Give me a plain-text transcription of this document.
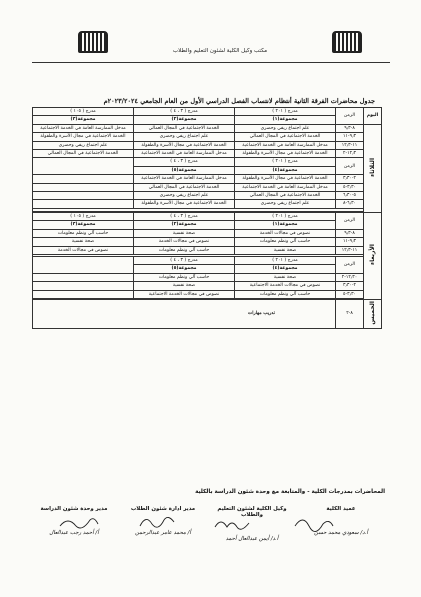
مكتب وكيل الكلية لشئون التعليم والطلاب
جدول محاضرات الفرقة الثانية أنتظام لانتساب الفصل الدراسي الأول من العام الجامعي ٢٠٢٣/٢٠٢٤م
اليوم	الزمن	مدرج ( ٢٠١ )	مدرج ( ٣ ، ٤ )	مدرج ( ١٠٥ )
		مجموعة(١)	مجموعة(٢)	مجموعة(٣)
الثلاثاء	٨-٩٫٣	علم اجتماع ريفي وحضري	الخدمة الاجتماعية في المجال العمالي	مدخل الممارسة العامة في الخدمة الاجتماعية
	٩٫٣-١١	الخدمة الاجتماعية في المجال العمالي	علم اجتماع ريفي وحضري	الخدمة الاجتماعية في مجال الأسرة والطفولة
	١١-١٢٫٣	مدخل الممارسة العامة في الخدمة الاجتماعية	الخدمة الاجتماعية في مجال الأسرة والطفولة	علم اجتماع ريفي وحضري
	١٢٫٣-٢	الخدمة الاجتماعية في مجال الأسرة والطفولة	مدخل الممارسة العامة في الخدمة الاجتماعية	الخدمة الاجتماعية في المجال العمالي
	الزمن	مدرج ( ٢٠١ )	مدرج ( ٣ ، ٤ )	
		مجموعة(٤)	مجموعة(٥)	
	٢-٣٫٣٠	الخدمة الاجتماعية في مجال الأسرة والطفولة	مدخل الممارسة العامة في الخدمة الاجتماعية	
	٣٫٣٠-٥	مدخل الممارسة العامة في الخدمة الاجتماعية	الخدمة الاجتماعية في المجال العمالي	
	٥-٦٫٣٠	الخدمة الاجتماعية في المجال العمالي	علم اجتماع ريفي وحضري	
	٦٫٣٠-٨	علم اجتماع ريفي وحضري	الخدمة الاجتماعية في مجال الأسرة والطفولة	

الأربعاء	الزمن	مدرج ( ٢٠١ )	مدرج ( ٣ ، ٤ )	مدرج ( ١٠٥ )
		مجموعة(١)	مجموعة(٢)	مجموعة(٣)
	٨-٩٫٣	نصوص في مجالات الخدمة	صحة نفسية	حاسب آلي ونظم معلومات
	٩٫٣-١١	حاسب آلي ونظم معلومات	نصوص في مجالات الخدمة	صحة نفسية
	١١-١٢٫٣	صحة نفسية	حاسب آلي ونظم معلومات	نصوص في مجالات الخدمة

	الزمن	مدرج ( ٢٠١ )	مدرج ( ٣ ، ٤ )	
		مجموعة(٤)	مجموعة(٥)	
	١٢٫٣٠-٢	صحة نفسية	حاسب آلي ونظم معلومات	
	٢-٣٫٣٠	نصوص في مجالات الخدمة الاجتماعية	صحة نفسية	
	٣٫٣٠-٥	حاسب آلي ونظم معلومات	نصوص في مجالات الخدمة الاجتماعية	

الخميس	٨-٢	تدريب مهارات		
المحاضرات بمدرجات الكلية - والمتابعة مع وحدة شئون الدراسة بالكلية
مدير وحدة شئون الدراسة
أ/ أحمد رجب عبدالعال
مدير ادارة شئون الطلاب
أ/ محمد عامر عبدالرحمن
وكيل الكلية لشئون التعليم والطلاب
أ.د/ أيمن عبدالعال أحمد
عميد الكلية
أ.د/ سعودي محمد حسن
